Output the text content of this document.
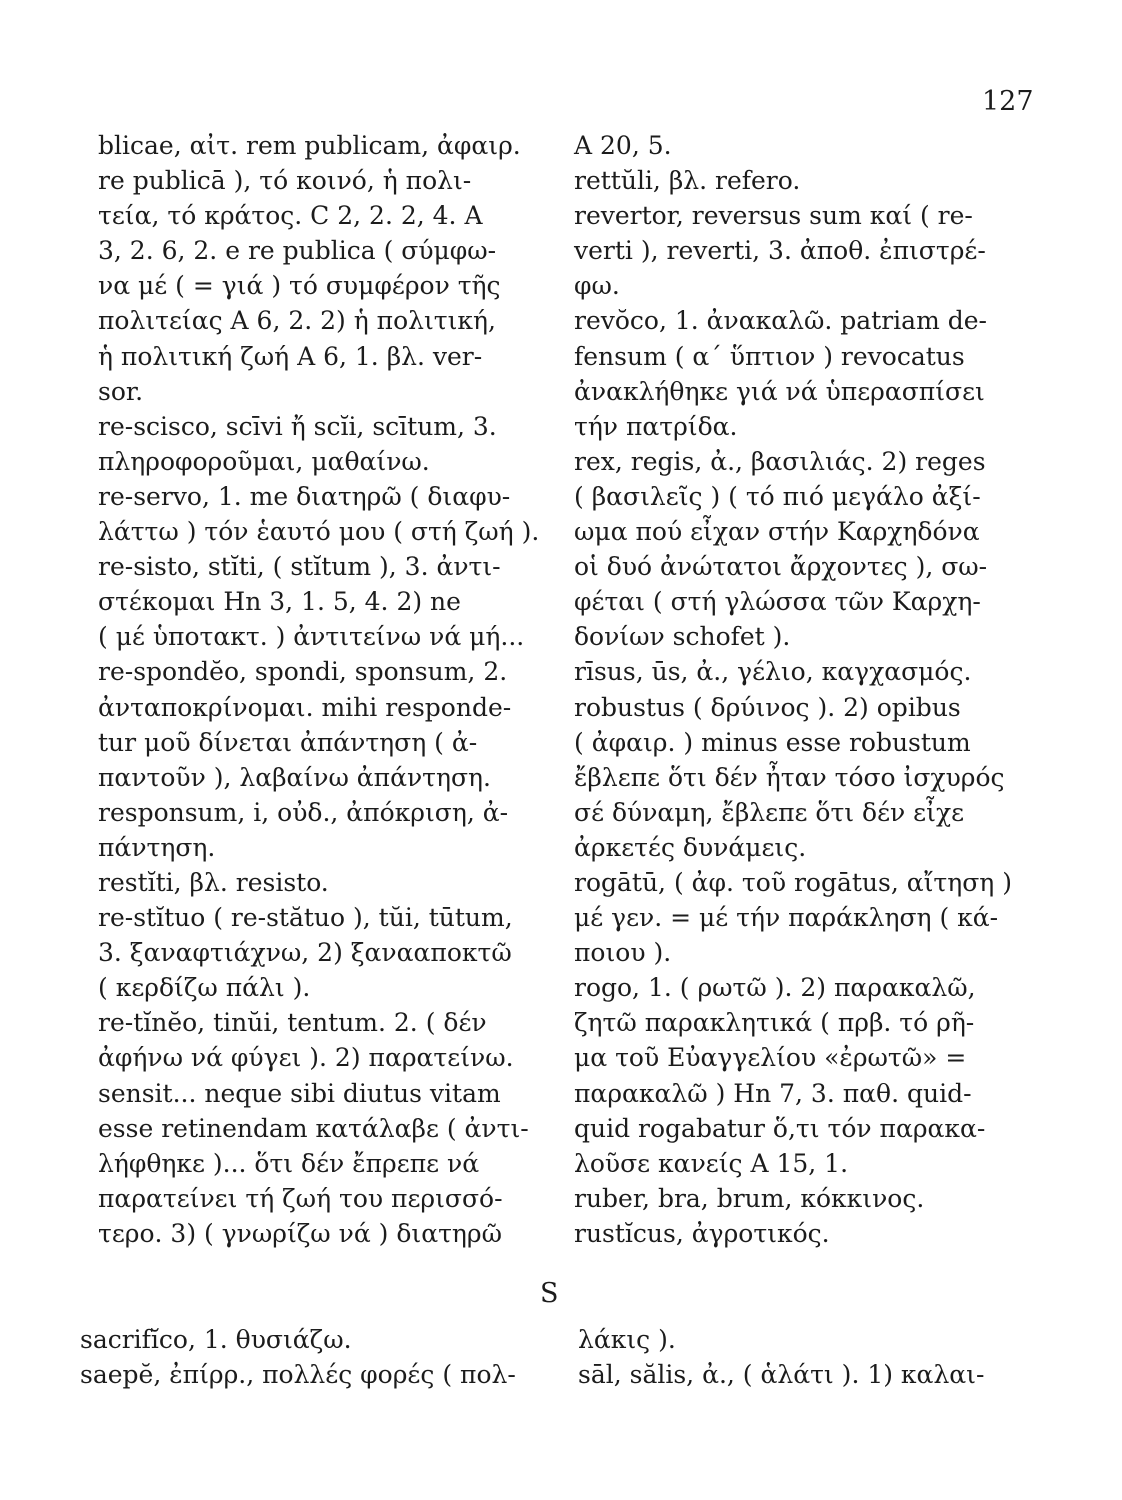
127
blicae, αἰτ. rem publicam, ἀφαιρ.
re publicā ), τό κοινό, ἡ πολι-
τεία, τό κράτος. C 2, 2. 2, 4. A
3, 2. 6, 2. e re publica ( σύμφω-
να μέ ( = γιά ) τό συμφέρον τῆς
πολιτείας A 6, 2. 2) ἡ πολιτική,
ἡ πολιτική ζωή A 6, 1. βλ. ver-
sor.
re-scisco, scīvi ἤ scĭi, scītum, 3.
πληροφοροῦμαι, μαθαίνω.
re-servo, 1. me διατηρῶ ( διαφυ-
λάττω ) τόν ἑαυτό μου ( στή ζωή ).
re-sisto, stĭti, ( stĭtum ), 3. ἀντι-
στέκομαι Hn 3, 1. 5, 4. 2) ne
( μέ ὑποτακτ. ) ἀντιτείνω νά μή...
re-spondĕo, spondi, sponsum, 2.
ἀνταποκρίνομαι. mihi responde-
tur μοῦ δίνεται ἀπάντηση ( ἀ-
παντοῦν ), λαβαίνω ἀπάντηση.
responsum, i, οὐδ., ἀπόκριση, ἀ-
πάντηση.
restĭti, βλ. resisto.
re-stĭtuo ( re-stătuo ), tŭi, tūtum,
3. ξαναφτιάχνω, 2) ξανααποκτῶ
( κερδίζω πάλι ).
re-tĭnĕo, tinŭi, tentum. 2. ( δέν
ἀφήνω νά φύγει ). 2) παρατείνω.
sensit... neque sibi diutus vitam
esse retinendam κατάλαβε ( ἀντι-
λήφθηκε )... ὅτι δέν ἔπρεπε νά
παρατείνει τή ζωή του περισσό-
τερο. 3) ( γνωρίζω νά ) διατηρῶ
A 20, 5.
rettŭli, βλ. refero.
revertor, reversus sum καί ( re-
verti ), reverti, 3. ἀποθ. ἐπιστρέ-
φω.
revŏco, 1. ἀνακαλῶ. patriam de-
fensum ( α΄ ὕπτιον ) revocatus
ἀνακλήθηκε γιά νά ὑπερασπίσει
τήν πατρίδα.
rex, regis, ἀ., βασιλιάς. 2) reges
( βασιλεῖς ) ( τό πιό μεγάλο ἀξί-
ωμα πού εἶχαν στήν Καρχηδόνα
οἱ δυό ἀνώτατοι ἄρχοντες ), σω-
φέται ( στή γλώσσα τῶν Καρχη-
δονίων schofet ).
rīsus, ūs, ἀ., γέλιο, καγχασμός.
robustus ( δρύινος ). 2) opibus
( ἀφαιρ. ) minus esse robustum
ἔβλεπε ὅτι δέν ἦταν τόσο ἰσχυρός
σέ δύναμη, ἔβλεπε ὅτι δέν εἶχε
ἀρκετές δυνάμεις.
rogātū, ( ἀφ. τοῦ rogātus, αἴτηση )
μέ γεν. = μέ τήν παράκληση ( κά-
ποιου ).
rogo, 1. ( ρωτῶ ). 2) παρακαλῶ,
ζητῶ παρακλητικά ( πρβ. τό ρῆ-
μα τοῦ Εὐαγγελίου «ἐρωτῶ» =
παρακαλῶ ) Hn 7, 3. παθ. quid-
quid rogabatur ὅ,τι τόν παρακα-
λοῦσε κανείς A 15, 1.
ruber, bra, brum, κόκκινος.
rustĭcus, ἀγροτικός.
S
sacrifĭco, 1. θυσιάζω.
saepĕ, ἐπίρρ., πολλές φορές ( πολ-
λάκις ).
sāl, sălis, ἀ., ( ἁλάτι ). 1) καλαι-
